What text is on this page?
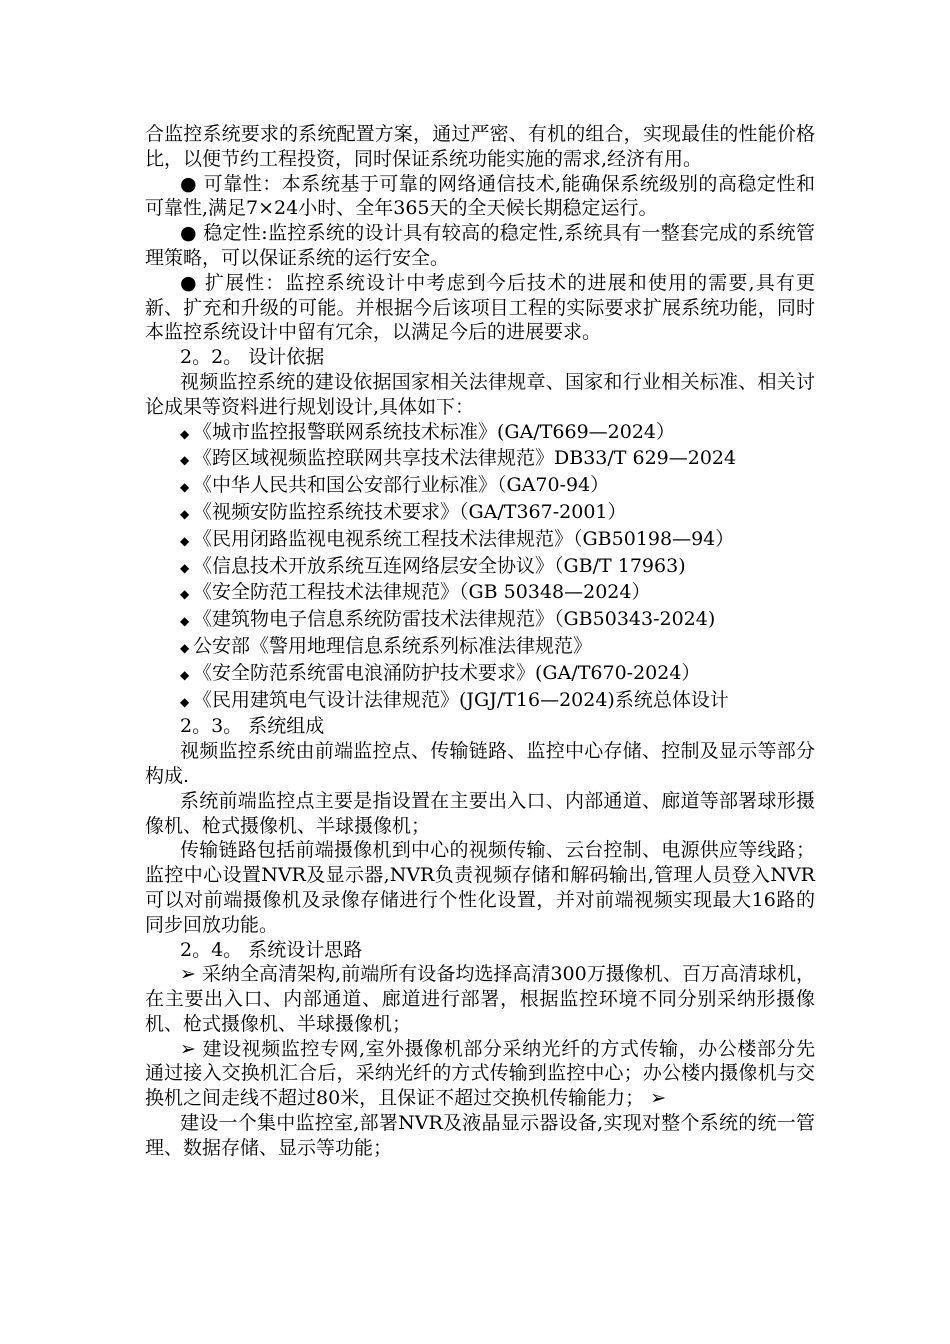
合监控系统要求的系统配置方案，通过严密、有机的组合，实现最佳的性能价格比，以便节约工程投资，同时保证系统功能实施的需求,经济有用。

● 可靠性：本系统基于可靠的网络通信技术,能确保系统级别的高稳定性和可靠性,满足7×24小时、全年365天的全天候长期稳定运行。

● 稳定性:监控系统的设计具有较高的稳定性,系统具有一整套完成的系统管理策略，可以保证系统的运行安全。

● 扩展性：监控系统设计中考虑到今后技术的进展和使用的需要,具有更新、扩充和升级的可能。并根据今后该项目工程的实际要求扩展系统功能，同时本监控系统设计中留有冗余，以满足今后的进展要求。

2。2。 设计依据

视频监控系统的建设依据国家相关法律规章、国家和行业相关标准、相关讨论成果等资料进行规划设计,具体如下：

◆ 《城市监控报警联网系统技术标准》(GA/T669—2024）

◆ 《跨区域视频监控联网共享技术法律规范》DB33/T 629—2024

◆ 《中华人民共和国公安部行业标准》（GA70-94）

◆ 《视频安防监控系统技术要求》（GA/T367-2001）

◆ 《民用闭路监视电视系统工程技术法律规范》（GB50198—94）

◆ 《信息技术开放系统互连网络层安全协议》（GB/T 17963)

◆ 《安全防范工程技术法律规范》（GB 50348—2024）

◆ 《建筑物电子信息系统防雷技术法律规范》（GB50343-2024)

◆ 公安部《警用地理信息系统系列标准法律规范》

◆ 《安全防范系统雷电浪涌防护技术要求》(GA/T670-2024）

◆ 《民用建筑电气设计法律规范》(JGJ/T16—2024)系统总体设计

2。3。 系统组成

视频监控系统由前端监控点、传输链路、监控中心存储、控制及显示等部分构成.

系统前端监控点主要是指设置在主要出入口、内部通道、廊道等部署球形摄像机、枪式摄像机、半球摄像机；

传输链路包括前端摄像机到中心的视频传输、云台控制、电源供应等线路； 监控中心设置NVR及显示器,NVR负责视频存储和解码输出,管理人员登入NVR可以对前端摄像机及录像存储进行个性化设置，并对前端视频实现最大16路的同步回放功能。

2。4。 系统设计思路

➢ 采纳全高清架构,前端所有设备均选择高清300万摄像机、百万高清球机，在主要出入口、内部通道、廊道进行部署，根据监控环境不同分别采纳形摄像机、枪式摄像机、半球摄像机；

➢ 建设视频监控专网,室外摄像机部分采纳光纤的方式传输，办公楼部分先通过接入交换机汇合后，采纳光纤的方式传输到监控中心；办公楼内摄像机与交换机之间走线不超过80米，且保证不超过交换机传输能力； ➢

建设一个集中监控室,部署NVR及液晶显示器设备,实现对整个系统的统一管理、数据存储、显示等功能；
